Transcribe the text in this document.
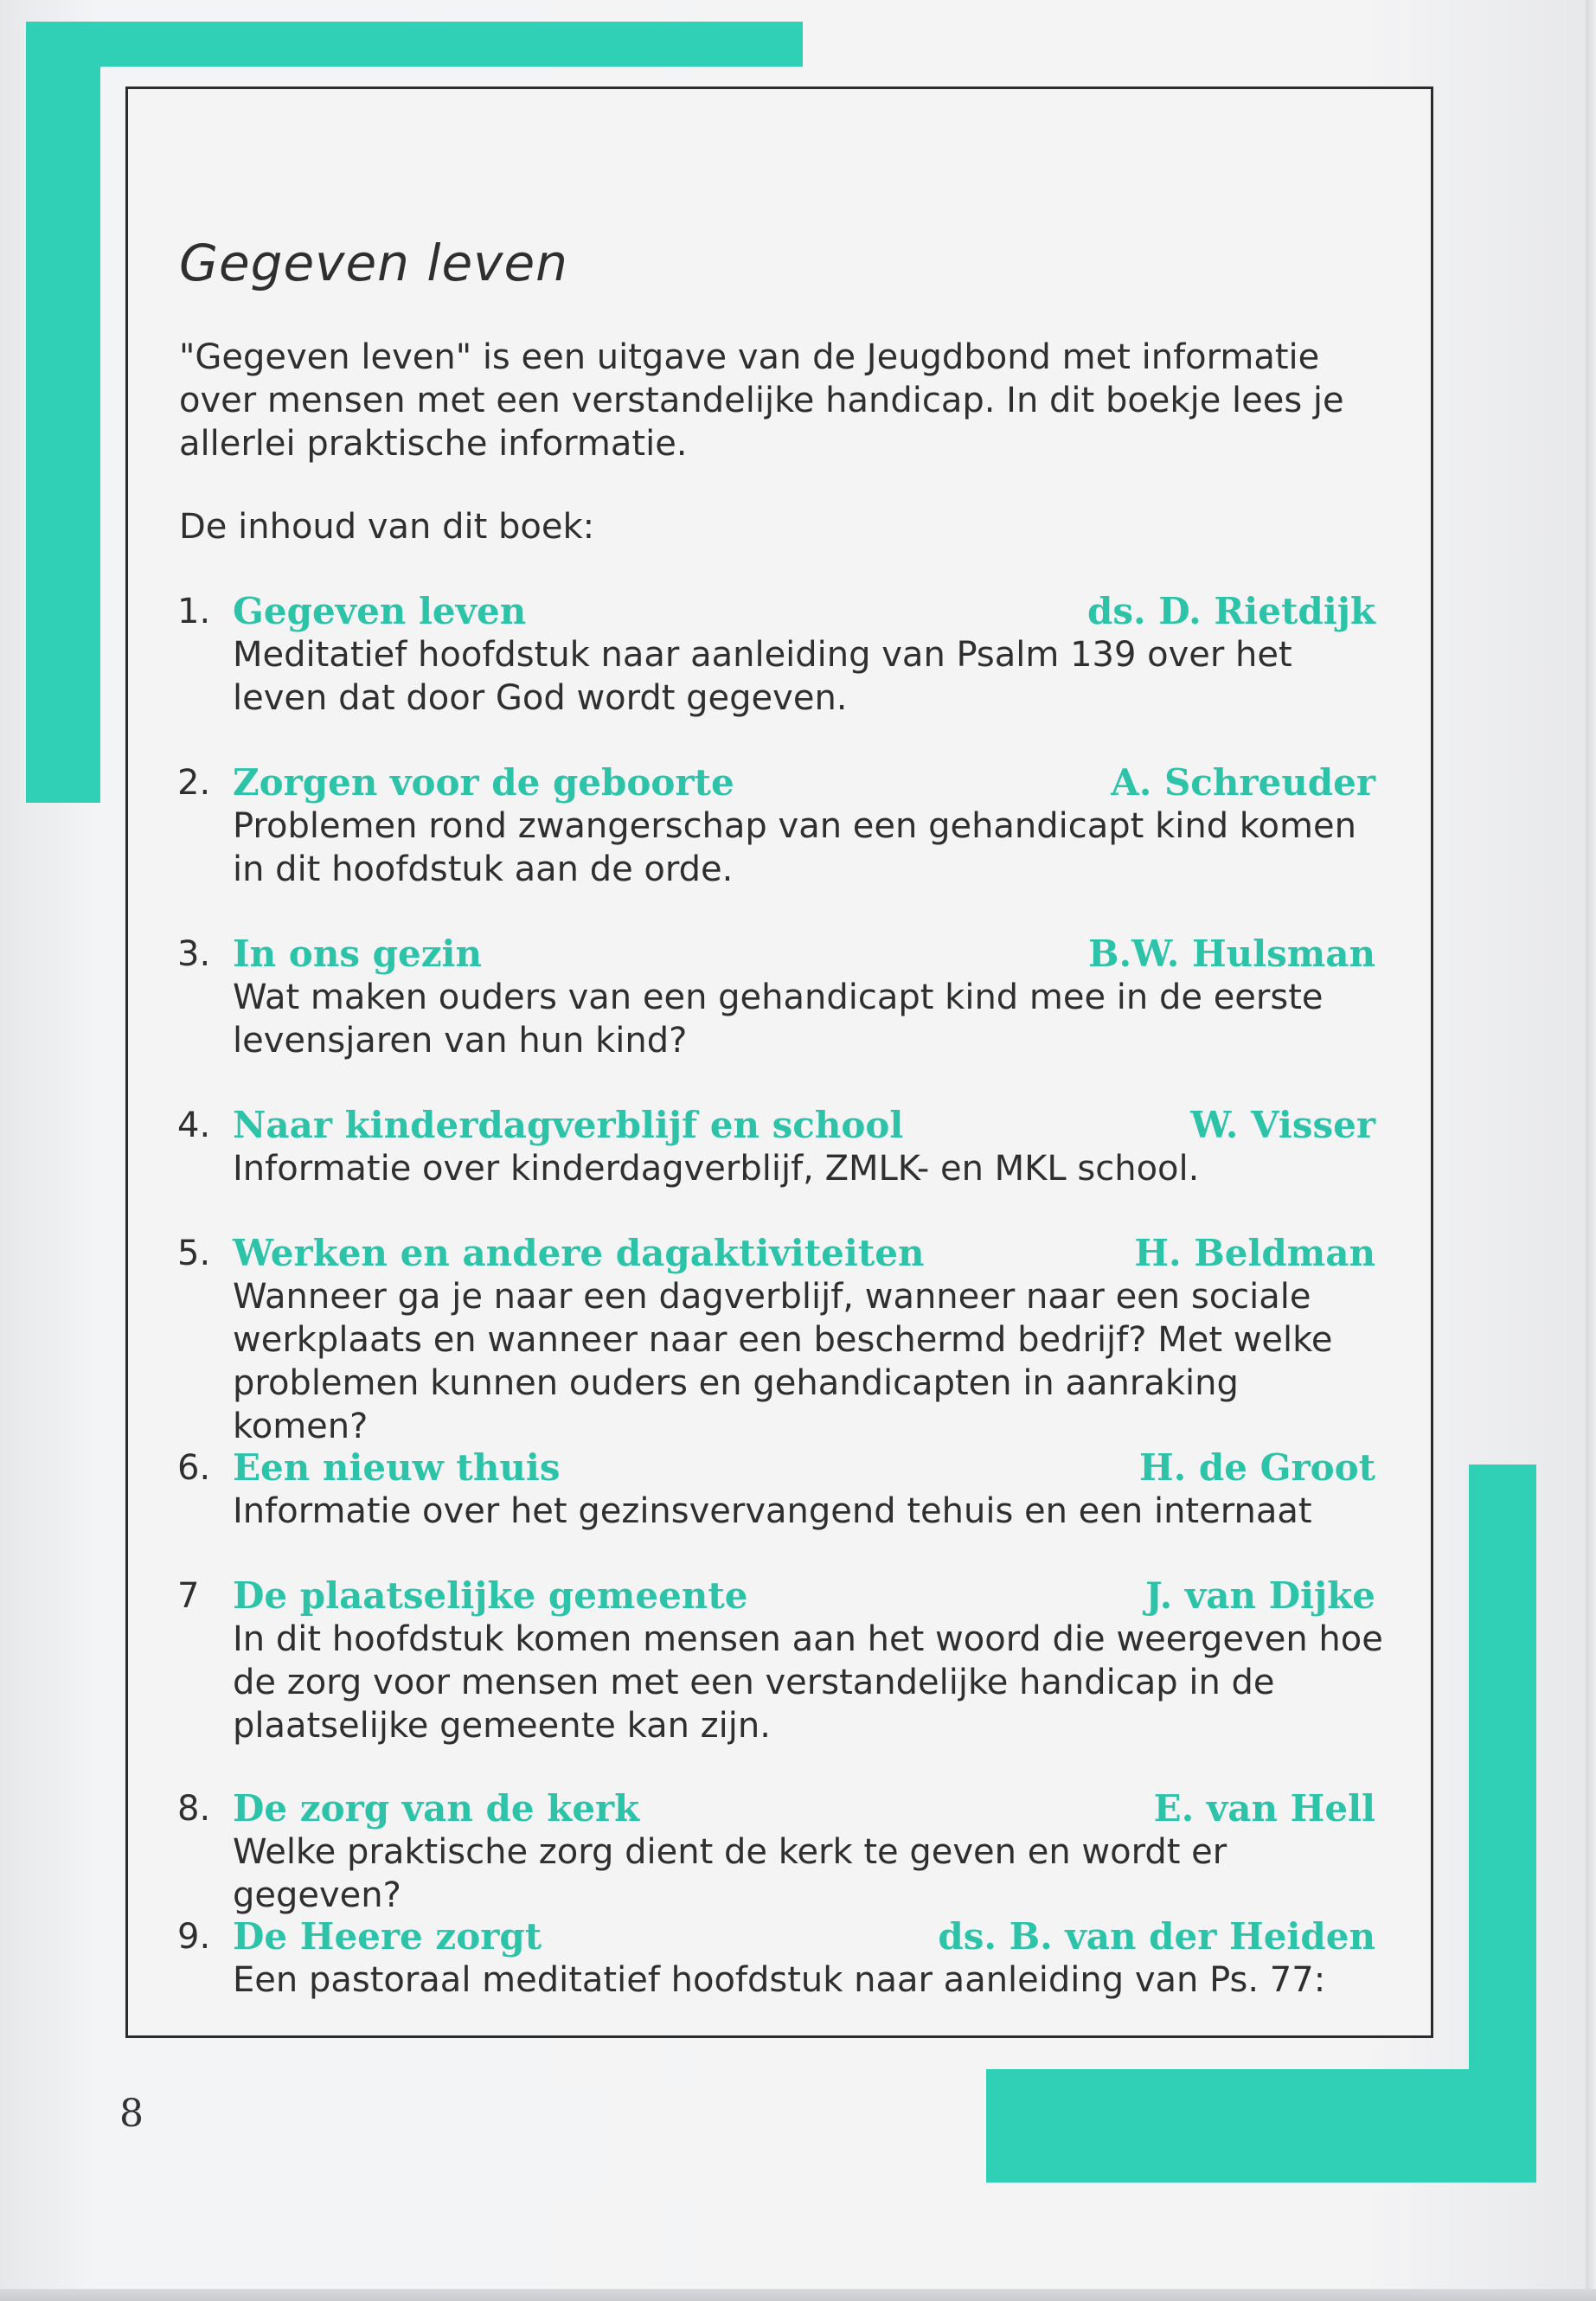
Gegeven leven
"Gegeven leven" is een uitgave van de Jeugdbond met informatie over mensen met een verstandelijke handicap. In dit boekje lees je allerlei praktische informatie.
De inhoud van dit boek:
1. Gegeven leven	ds. D. Rietdijk
Meditatief hoofdstuk naar aanleiding van Psalm 139 over het leven dat door God wordt gegeven.
2. Zorgen voor de geboorte	A. Schreuder
Problemen rond zwangerschap van een gehandicapt kind komen in dit hoofdstuk aan de orde.
3. In ons gezin	B.W. Hulsman
Wat maken ouders van een gehandicapt kind mee in de eerste levensjaren van hun kind?
4. Naar kinderdagverblijf en school	W. Visser
Informatie over kinderdagverblijf, ZMLK- en MKL school.
5. Werken en andere dagaktiviteiten	H. Beldman
Wanneer ga je naar een dagverblijf, wanneer naar een sociale werkplaats en wanneer naar een beschermd bedrijf? Met welke problemen kunnen ouders en gehandicapten in aanraking komen?
6. Een nieuw thuis	H. de Groot
Informatie over het gezinsvervangend tehuis en een internaat
7 De plaatselijke gemeente	J. van Dijke
In dit hoofdstuk komen mensen aan het woord die weergeven hoe de zorg voor mensen met een verstandelijke handicap in de plaatselijke gemeente kan zijn.
8. De zorg van de kerk	E. van Hell
Welke praktische zorg dient de kerk te geven en wordt er gegeven?
9. De Heere zorgt	ds. B. van der Heiden
Een pastoraal meditatief hoofdstuk naar aanleiding van Ps. 77:
8
